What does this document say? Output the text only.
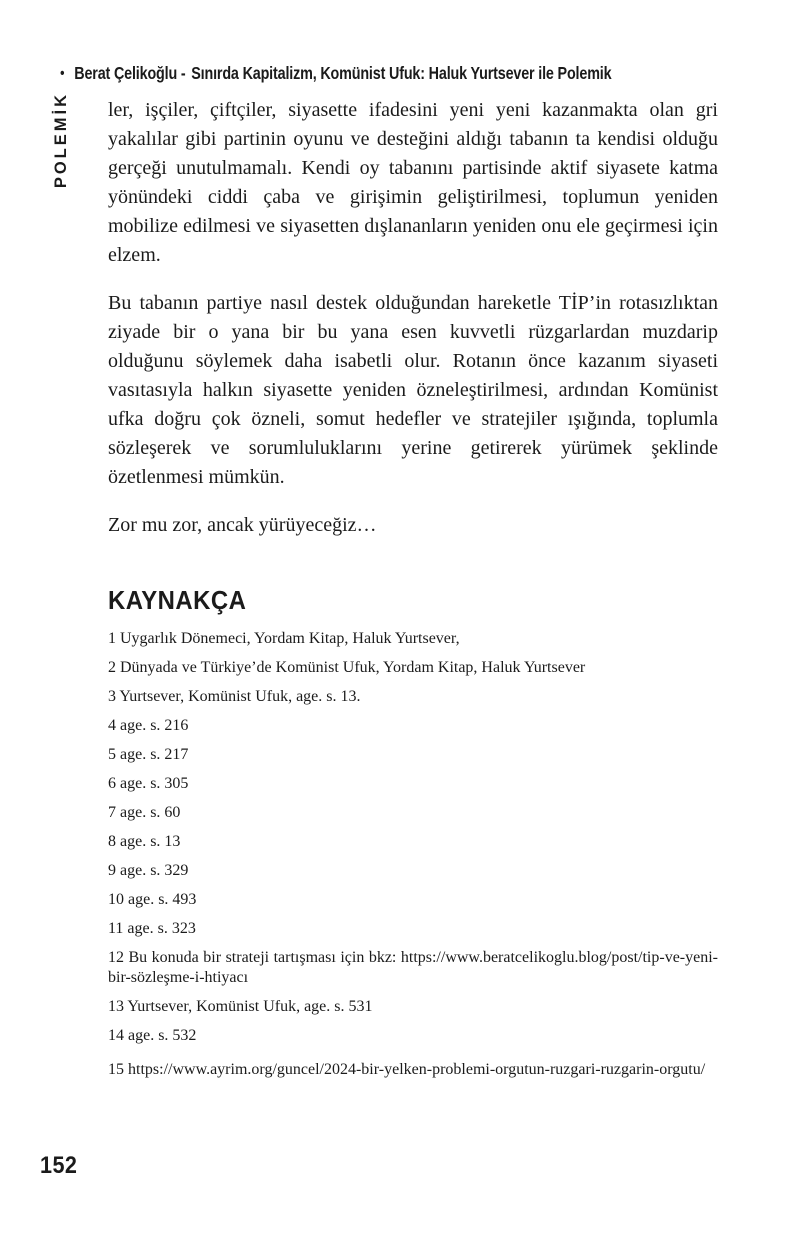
• Berat Çelikoğlu - Sınırda Kapitalizm, Komünist Ufuk: Haluk Yurtsever ile Polemik
POLEMİK ler, işçiler, çiftçiler, siyasette ifadesini yeni yeni kazanmakta olan gri yakalılar gibi partinin oyunu ve desteğini aldığı tabanın ta kendisi olduğu gerçeği unutulmamalı. Kendi oy tabanını partisinde aktif siyasete katma yönündeki ciddi çaba ve girişimin geliştirilmesi, toplumun yeniden mobilize edilmesi ve siyasetten dışlananların yeniden onu ele geçirmesi için elzem.

Bu tabanın partiye nasıl destek olduğundan hareketle TİP’in rotasızlıktan ziyade bir o yana bir bu yana esen kuvvetli rüzgarlardan muzdarip olduğunu söylemek daha isabetli olur. Rotanın önce kazanım siyaseti vasıtasıyla halkın siyasette yeniden özneleştirilmesi, ardından Komünist ufka doğru çok özneli, somut hedefler ve stratejiler ışığında, toplumla sözleşerek ve sorumluluklarını yerine getirerek yürümek şeklinde özetlenmesi mümkün.

Zor mu zor, ancak yürüyeceğiz…

KAYNAKÇA

1 Uygarlık Dönemeci, Yordam Kitap, Haluk Yurtsever,

2 Dünyada ve Türkiye’de Komünist Ufuk, Yordam Kitap, Haluk Yurtsever

3 Yurtsever, Komünist Ufuk, age. s. 13.

4 age. s. 216

5 age. s. 217

6 age. s. 305

7 age. s. 60

8 age. s. 13

9 age. s. 329

10 age. s. 493

11 age. s. 323

12 Bu konuda bir strateji tartışması için bkz: https://www.beratcelikoglu.blog/post/tip-ve-yeni-bir-sözleşme-i-htiyacı

13 Yurtsever, Komünist Ufuk, age. s. 531

14 age. s. 532

15 https://www.ayrim.org/guncel/2024-bir-yelken-problemi-orgutun-ruzgari-ruzgarin-orgutu/

152
